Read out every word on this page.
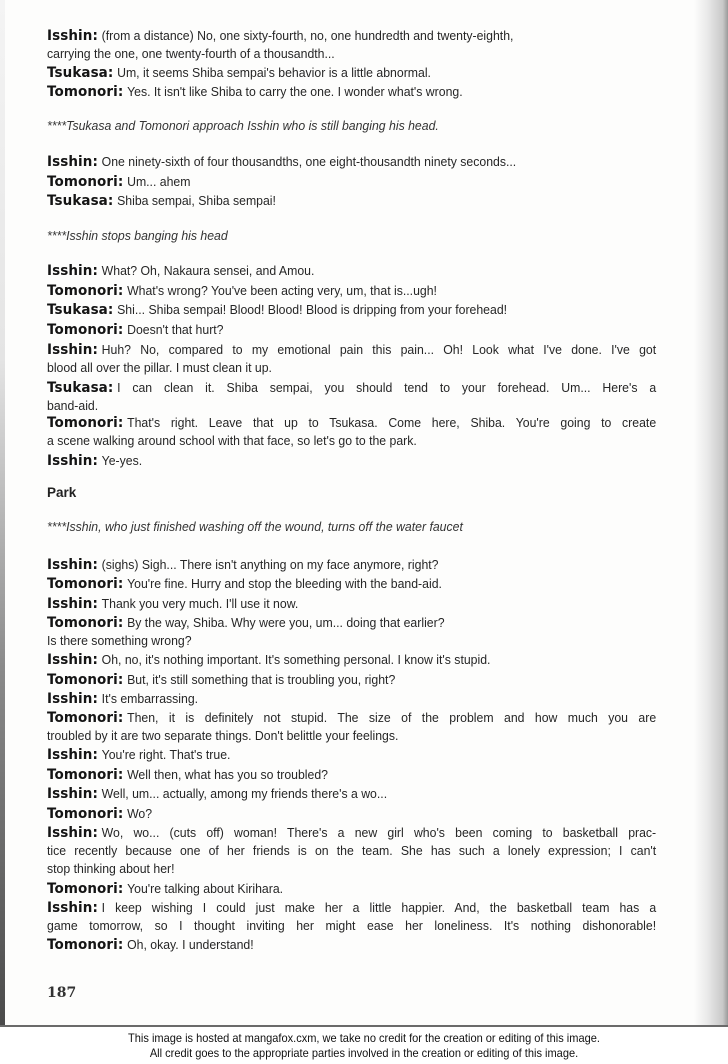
Isshin: (from a distance) No, one sixty-fourth, no, one hundredth and twenty-eighth,
carrying the one, one twenty-fourth of a thousandth...
Tsukasa: Um, it seems Shiba sempai's behavior is a little abnormal.
Tomonori: Yes. It isn't like Shiba to carry the one. I wonder what's wrong.
****Tsukasa and Tomonori approach Isshin who is still banging his head.
Isshin: One ninety-sixth of four thousandths, one eight-thousandth ninety seconds...
Tomonori: Um... ahem
Tsukasa: Shiba sempai, Shiba sempai!
****Isshin stops banging his head
Isshin: What? Oh, Nakaura sensei, and Amou.
Tomonori: What's wrong? You've been acting very, um, that is...ugh!
Tsukasa: Shi... Shiba sempai! Blood! Blood! Blood is dripping from your forehead!
Tomonori: Doesn't that hurt?
Isshin: Huh? No, compared to my emotional pain this pain... Oh! Look what I've done. I've got
blood all over the pillar. I must clean it up.
Tsukasa: I can clean it. Shiba sempai, you should tend to your forehead. Um... Here's a
band-aid.
Tomonori: That's right. Leave that up to Tsukasa. Come here, Shiba. You're going to create
a scene walking around school with that face, so let's go to the park.
Isshin: Ye-yes.
Park
****Isshin, who just finished washing off the wound, turns off the water faucet
Isshin: (sighs) Sigh... There isn't anything on my face anymore, right?
Tomonori: You're fine. Hurry and stop the bleeding with the band-aid.
Isshin: Thank you very much. I'll use it now.
Tomonori: By the way, Shiba. Why were you, um... doing that earlier?
Is there something wrong?
Isshin: Oh, no, it's nothing important. It's something personal. I know it's stupid.
Tomonori: But, it's still something that is troubling you, right?
Isshin: It's embarrassing.
Tomonori: Then, it is definitely not stupid. The size of the problem and how much you are
troubled by it are two separate things. Don't belittle your feelings.
Isshin: You're right. That's true.
Tomonori: Well then, what has you so troubled?
Isshin: Well, um... actually, among my friends there's a wo...
Tomonori: Wo?
Isshin: Wo, wo... (cuts off) woman! There's a new girl who's been coming to basketball prac-
tice recently because one of her friends is on the team. She has such a lonely expression; I can't
stop thinking about her!
Tomonori: You're talking about Kirihara.
Isshin: I keep wishing I could just make her a little happier. And, the basketball team has a
game tomorrow, so I thought inviting her might ease her loneliness. It's nothing dishonorable!
Tomonori: Oh, okay. I understand!
187
This image is hosted at mangafox.cxm, we take no credit for the creation or editing of this image.
All credit goes to the appropriate parties involved in the creation or editing of this image.
